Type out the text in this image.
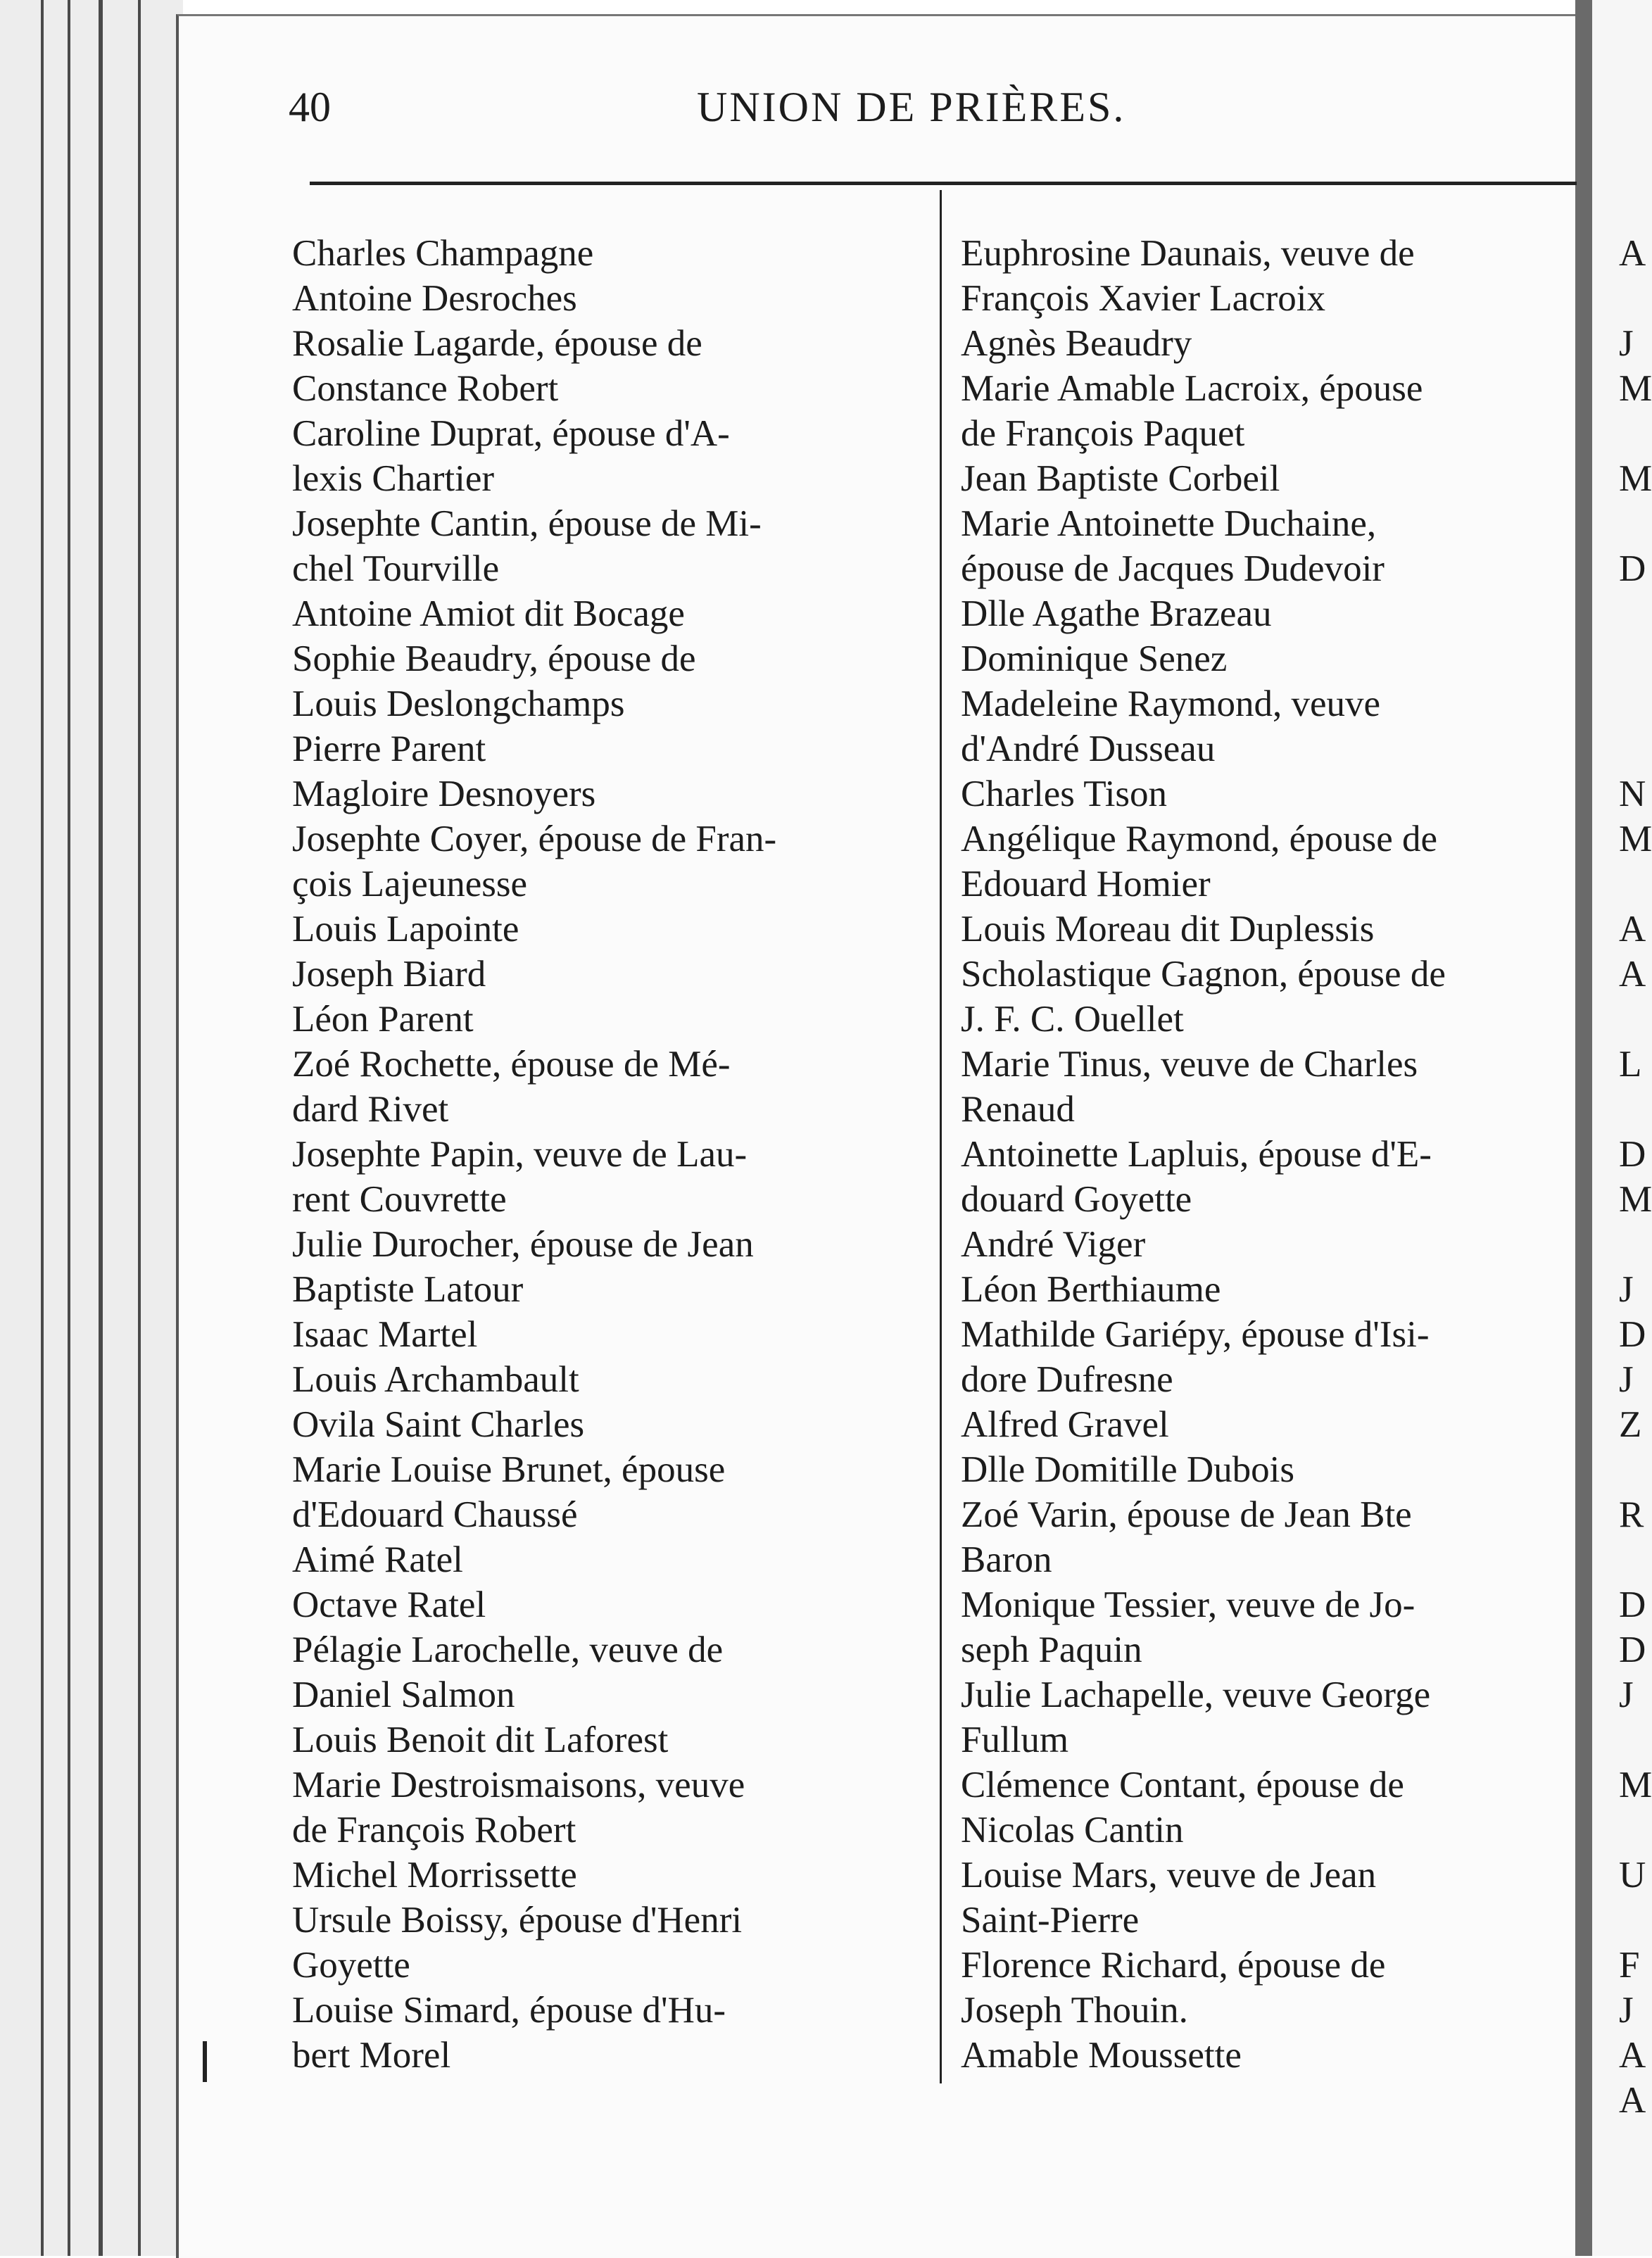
40	UNION DE PRIÈRES.
Charles Champagne
Antoine Desroches
Rosalie Lagarde, épouse de
Constance Robert
Caroline Duprat, épouse d'A-
lexis Chartier
Josephte Cantin, épouse de Mi-
chel Tourville
Antoine Amiot dit Bocage
Sophie Beaudry, épouse de
Louis Deslongchamps
Pierre Parent
Magloire Desnoyers
Josephte Coyer, épouse de Fran-
çois Lajeunesse
Louis Lapointe
Joseph Biard
Léon Parent
Zoé Rochette, épouse de Mé-
dard Rivet
Josephte Papin, veuve de Lau-
rent Couvrette
Julie Durocher, épouse de Jean
Baptiste Latour
Isaac Martel
Louis Archambault
Ovila Saint Charles
Marie Louise Brunet, épouse
d'Edouard Chaussé
Aimé Ratel
Octave Ratel
Pélagie Larochelle, veuve de
Daniel Salmon
Louis Benoit dit Laforest
Marie Destroismaisons, veuve
de François Robert
Michel Morrissette
Ursule Boissy, épouse d'Henri
Goyette
Louise Simard, épouse d'Hu-
bert Morel
Euphrosine Daunais, veuve de
François Xavier Lacroix
Agnès Beaudry
Marie Amable Lacroix, épouse
de François Paquet
Jean Baptiste Corbeil
Marie Antoinette Duchaine,
épouse de Jacques Dudevoir
Dlle Agathe Brazeau
Dominique Senez
Madeleine Raymond, veuve
d'André Dusseau
Charles Tison
Angélique Raymond, épouse de
Edouard Homier
Louis Moreau dit Duplessis
Scholastique Gagnon, épouse de
J. F. C. Ouellet
Marie Tinus, veuve de Charles
Renaud
Antoinette Lapluis, épouse d'E-
douard Goyette
André Viger
Léon Berthiaume
Mathilde Gariépy, épouse d'Isi-
dore Dufresne
Alfred Gravel
Dlle Domitille Dubois
Zoé Varin, épouse de Jean Bte
Baron
Monique Tessier, veuve de Jo-
seph Paquin
Julie Lachapelle, veuve George
Fullum
Clémence Contant, épouse de
Nicolas Cantin
Louise Mars, veuve de Jean
Saint-Pierre
Florence Richard, épouse de
Joseph Thouin.
Amable Moussette
A
J
M
M
D
N
M
A
A
L
D
M
J
D
J
Z
R
D
D
J
M
U
F
J
A
A
